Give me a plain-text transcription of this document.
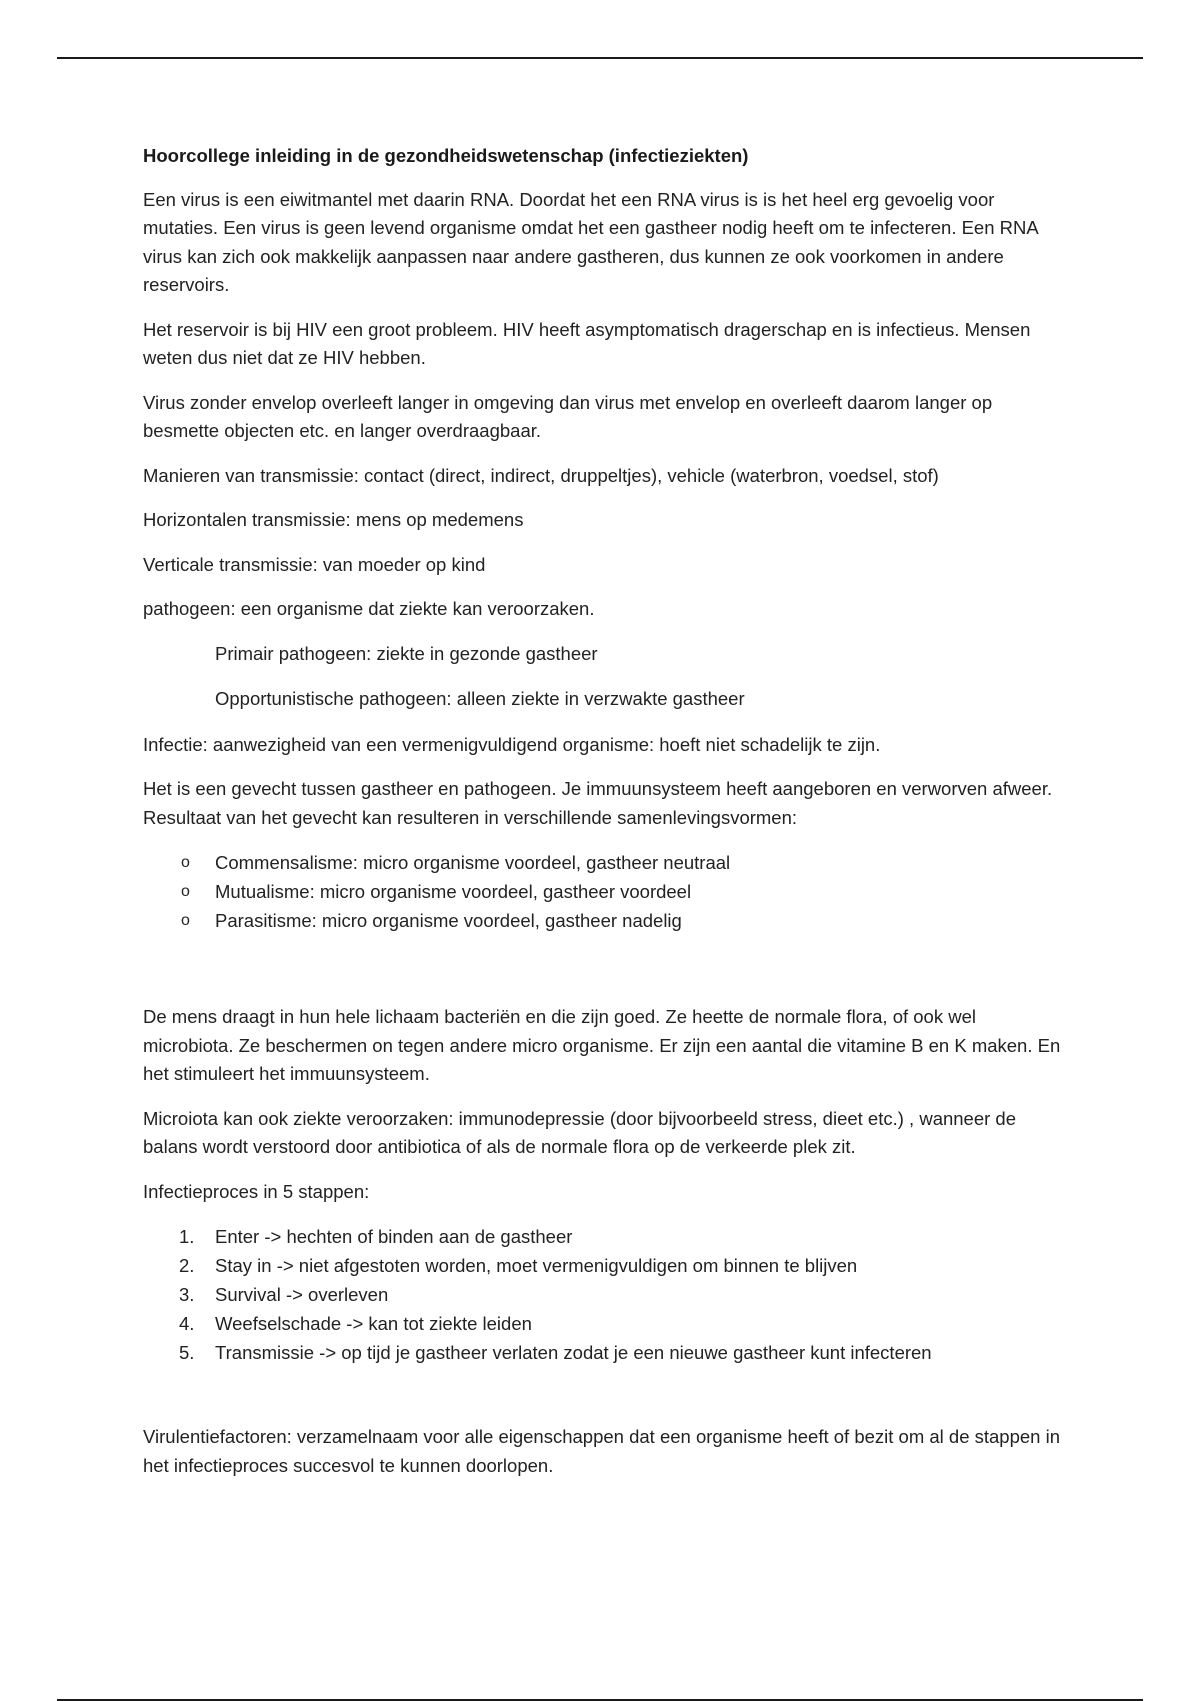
Hoorcollege inleiding in de gezondheidswetenschap (infectieziekten)

Een virus is een eiwitmantel met daarin RNA. Doordat het een RNA virus is is het heel erg gevoelig voor mutaties. Een virus is geen levend organisme omdat het een gastheer nodig heeft om te infecteren. Een RNA virus kan zich ook makkelijk aanpassen naar andere gastheren, dus kunnen ze ook voorkomen in andere reservoirs.

Het reservoir is bij HIV een groot probleem. HIV heeft asymptomatisch dragerschap en is infectieus. Mensen weten dus niet dat ze HIV hebben.

Virus zonder envelop overleeft langer in omgeving dan virus met envelop en overleeft daarom langer op besmette objecten etc. en langer overdraagbaar.

Manieren van transmissie: contact (direct, indirect, druppeltjes), vehicle (waterbron, voedsel, stof)

Horizontalen transmissie: mens op medemens

Verticale transmissie: van moeder op kind

pathogeen: een organisme dat ziekte kan veroorzaken.

Primair pathogeen: ziekte in gezonde gastheer

Opportunistische pathogeen: alleen ziekte in verzwakte gastheer

Infectie: aanwezigheid van een vermenigvuldigend organisme: hoeft niet schadelijk te zijn.

Het is een gevecht tussen gastheer en pathogeen. Je immuunsysteem heeft aangeboren en verworven afweer. Resultaat van het gevecht kan resulteren in verschillende samenlevingsvormen:

o Commensalisme: micro organisme voordeel, gastheer neutraal
o Mutualisme: micro organisme voordeel, gastheer voordeel
o Parasitisme: micro organisme voordeel, gastheer nadelig

De mens draagt in hun hele lichaam bacteriën en die zijn goed. Ze heette de normale flora, of ook wel microbiota. Ze beschermen on tegen andere micro organisme. Er zijn een aantal die vitamine B en K maken. En het stimuleert het immuunsysteem.

Microiota kan ook ziekte veroorzaken: immunodepressie (door bijvoorbeeld stress, dieet etc.) , wanneer de balans wordt verstoord door antibiotica of als de normale flora op de verkeerde plek zit.

Infectieproces in 5 stappen:

1. Enter -> hechten of binden aan de gastheer
2. Stay in -> niet afgestoten worden, moet vermenigvuldigen om binnen te blijven
3. Survival -> overleven
4. Weefselschade -> kan tot ziekte leiden
5. Transmissie -> op tijd je gastheer verlaten zodat je een nieuwe gastheer kunt infecteren

Virulentiefactoren: verzamelnaam voor alle eigenschappen dat een organisme heeft of bezit om al de stappen in het infectieproces succesvol te kunnen doorlopen.
